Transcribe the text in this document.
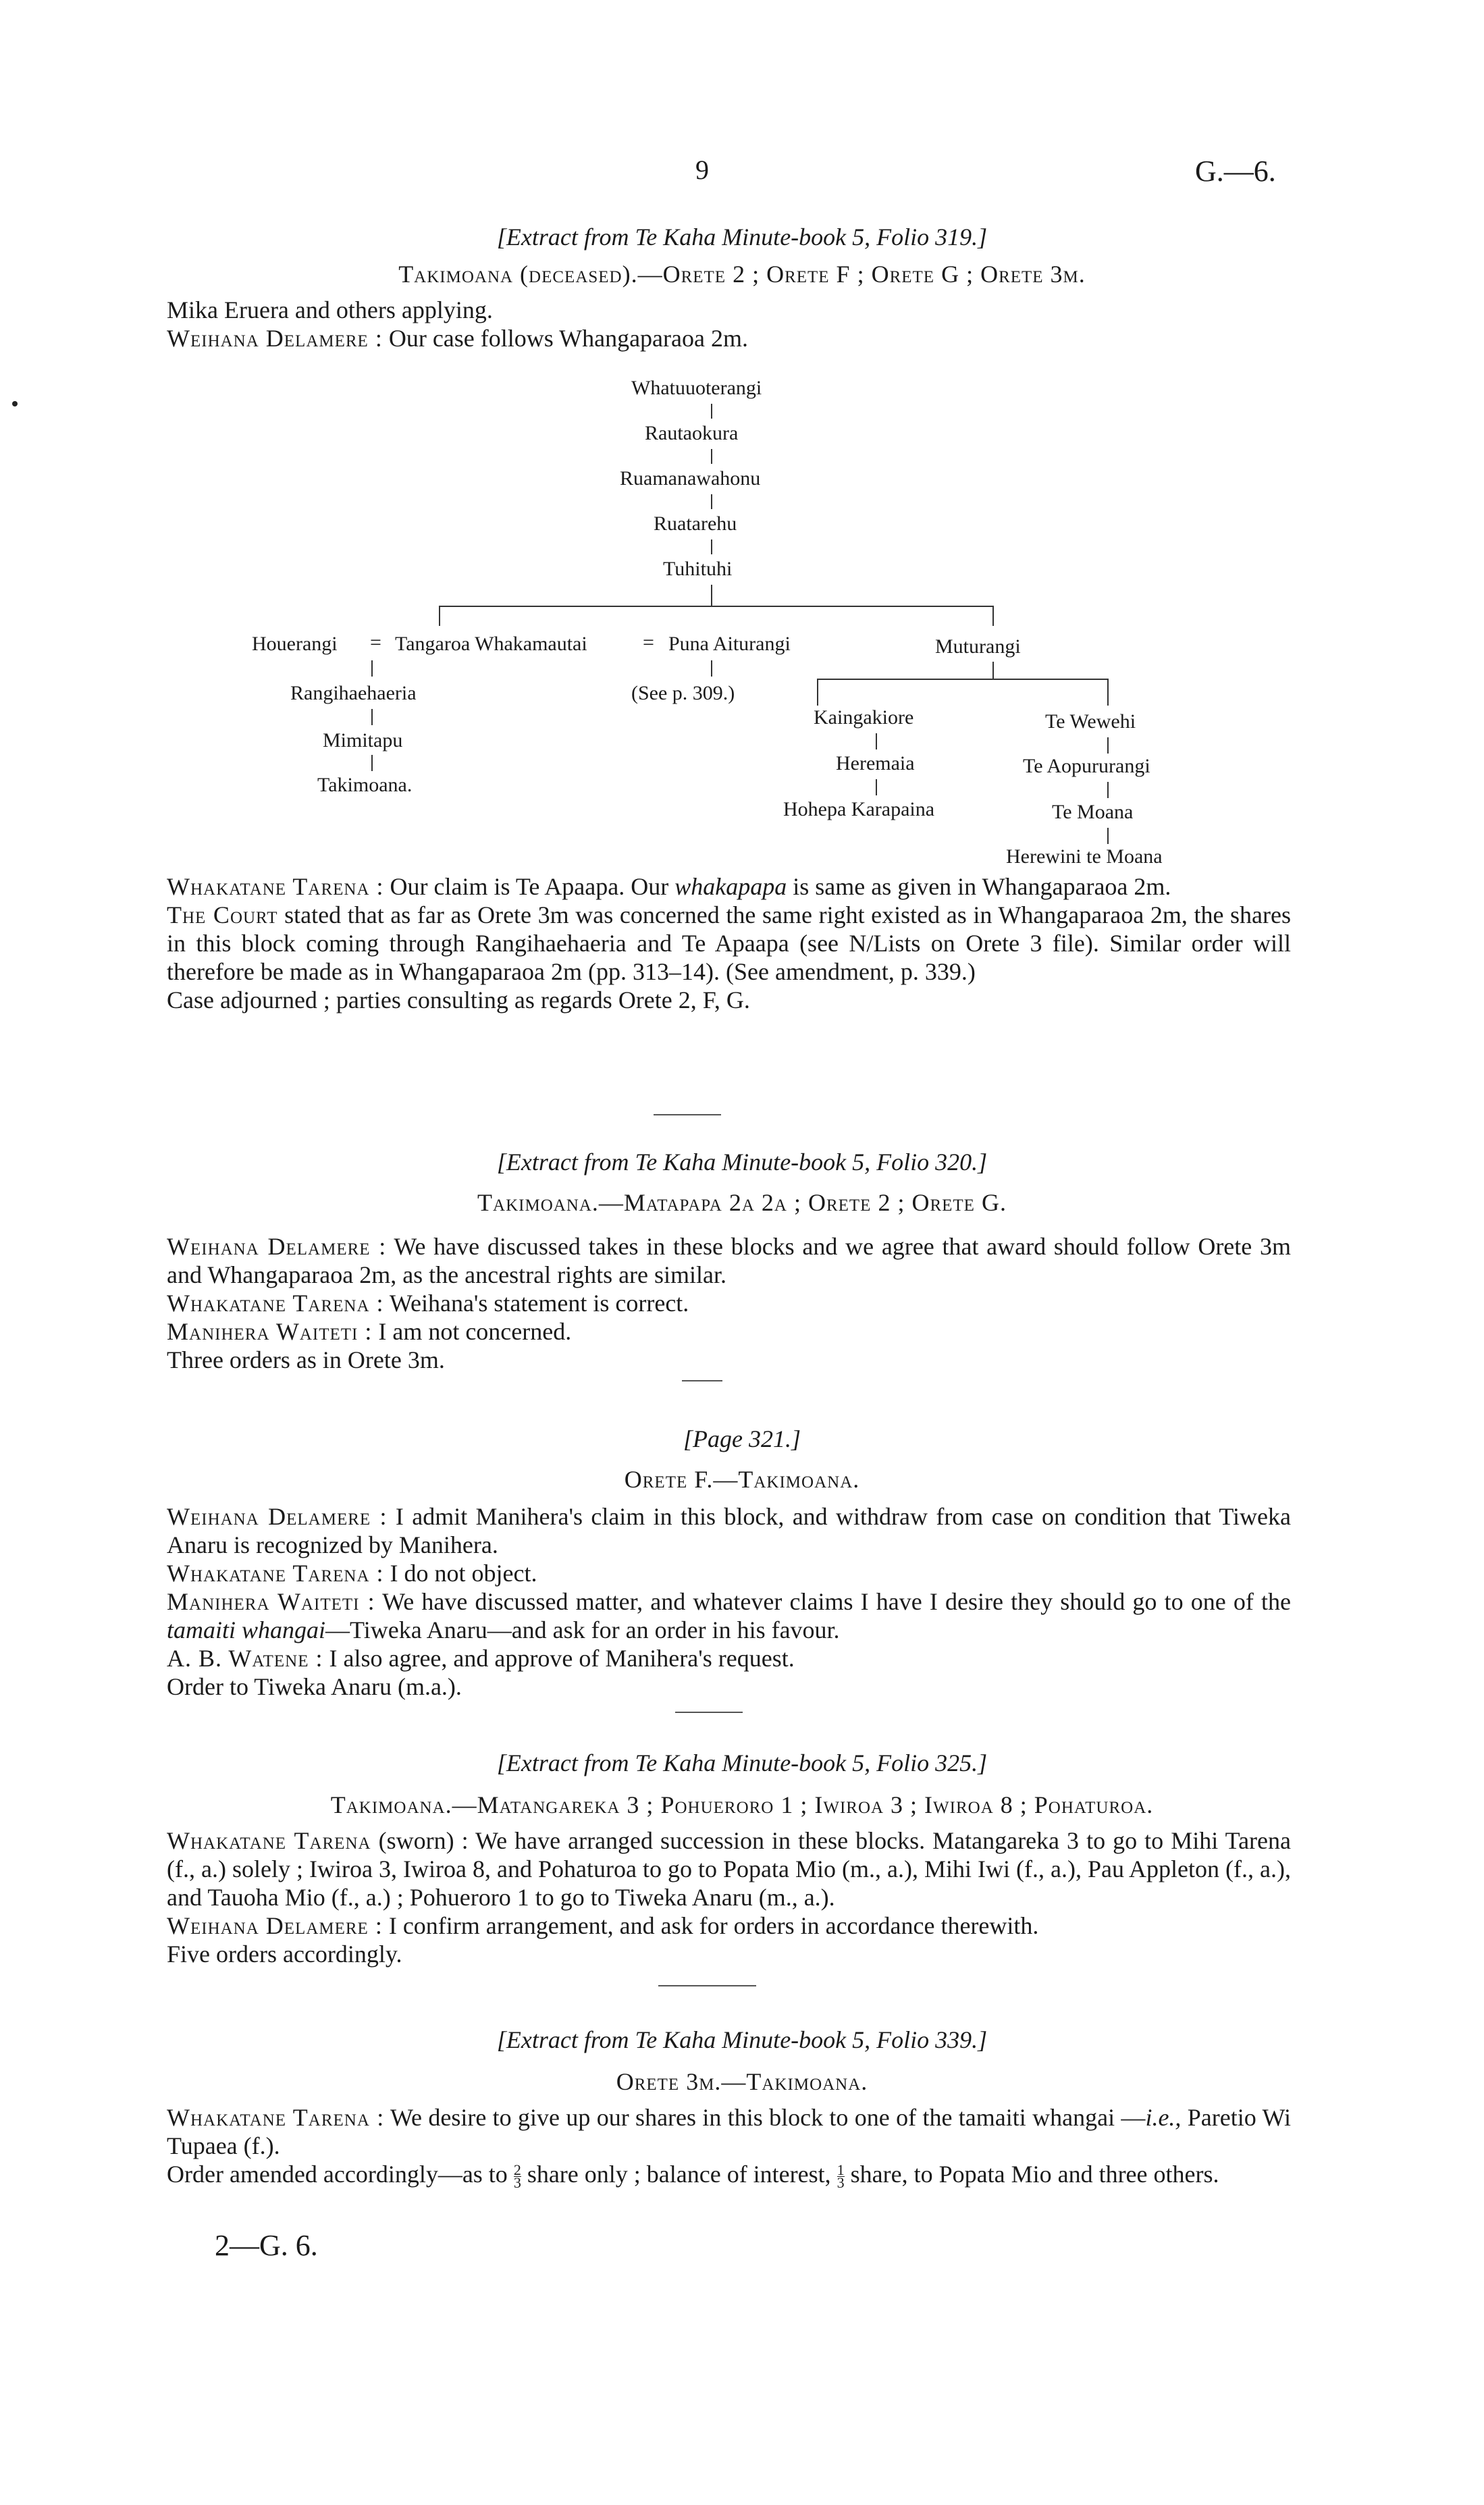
9	G.—6.
[Extract from Te Kaha Minute-book 5, Folio 319.]
Takimoana (deceased).—Orete 2 ; Orete F ; Orete G ; Orete 3m.
Mika Eruera and others applying.
Weihana Delamere : Our case follows Whangaparaoa 2m.
Whatuuoterangi
Rautaokura
Ruamanawahonu
Ruatarehu
Tuhituhi
Houerangi = Tangaroa Whakamautai	= Puna Aiturangi	Muturangi
Rangihaehaeria
Mimitapu
Takimoana.
(See p. 309.)
Kaingakiore
Heremaia
Hohepa Karapaina
Te Wewehi
Te Aopururangi
Te Moana
Herewini te Moana
Whakatane Tarena : Our claim is Te Apaapa. Our whakapapa is same as given in Whangaparaoa 2m.
The Court stated that as far as Orete 3m was concerned the same right existed as in Whangaparaoa 2m, the shares in this block coming through Rangihaehaeria and Te Apaapa (see N/Lists on Orete 3 file). Similar order will therefore be made as in Whangaparaoa 2m (pp. 313–14). (See amendment, p. 339.)
Case adjourned ; parties consulting as regards Orete 2, F, G.
[Extract from Te Kaha Minute-book 5, Folio 320.]
Takimoana.—Matapapa 2a 2a ; Orete 2 ; Orete G.
Weihana Delamere : We have discussed takes in these blocks and we agree that award should follow Orete 3m and Whangaparaoa 2m, as the ancestral rights are similar.
Whakatane Tarena : Weihana's statement is correct.
Manihera Waiteti : I am not concerned.
Three orders as in Orete 3m.
[Page 321.]
Orete F.—Takimoana.
Weihana Delamere : I admit Manihera's claim in this block, and withdraw from case on condition that Tiweka Anaru is recognized by Manihera.
Whakatane Tarena : I do not object.
Manihera Waiteti : We have discussed matter, and whatever claims I have I desire they should go to one of the tamaiti whangai—Tiweka Anaru—and ask for an order in his favour.
A. B. Watene : I also agree, and approve of Manihera's request.
Order to Tiweka Anaru (m.a.).
[Extract from Te Kaha Minute-book 5, Folio 325.]
Takimoana.—Matangareka 3 ; Pohueroro 1 ; Iwiroa 3 ; Iwiroa 8 ; Pohaturoa.
Whakatane Tarena (sworn) : We have arranged succession in these blocks. Matangareka 3 to go to Mihi Tarena (f., a.) solely ; Iwiroa 3, Iwiroa 8, and Pohaturoa to go to Popata Mio (m., a.), Mihi Iwi (f., a.), Pau Appleton (f., a.), and Tauoha Mio (f., a.) ; Pohueroro 1 to go to Tiweka Anaru (m., a.).
Weihana Delamere : I confirm arrangement, and ask for orders in accordance therewith.
Five orders accordingly.
[Extract from Te Kaha Minute-book 5, Folio 339.]
Orete 3m.—Takimoana.
Whakatane Tarena : We desire to give up our shares in this block to one of the tamaiti whangai —i.e., Paretio Wi Tupaea (f.).
Order amended accordingly—as to $\frac{2}{3}$ share only ; balance of interest, $\frac{1}{3}$ share, to Popata Mio and three others.
2—G. 6.
